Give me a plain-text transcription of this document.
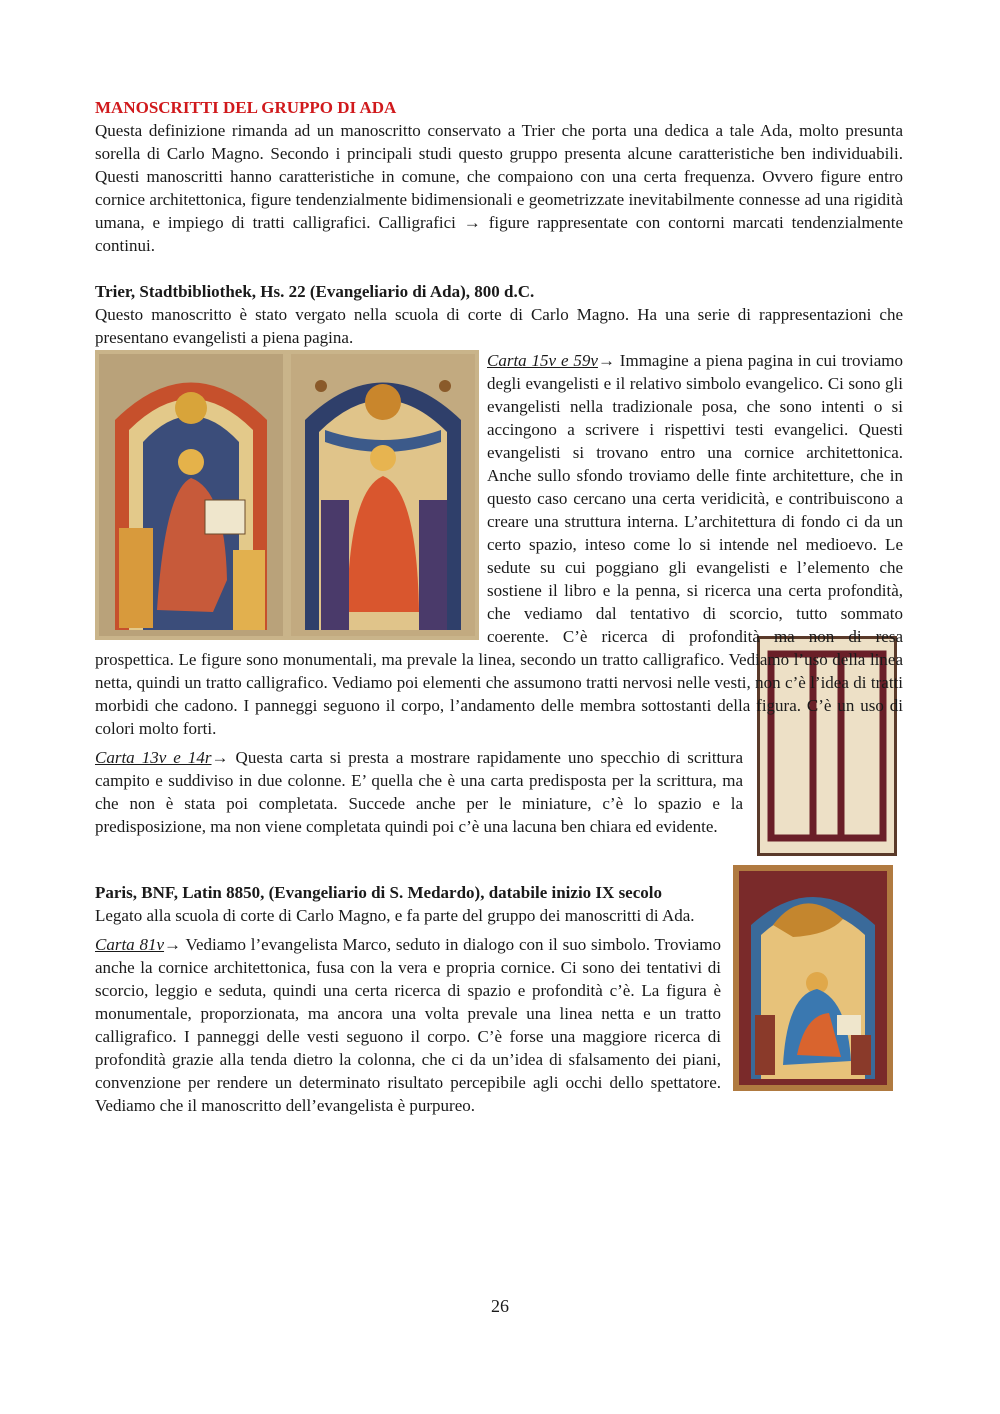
MANOSCRITTI DEL GRUPPO DI ADA

Questa definizione rimanda ad un manoscritto conservato a Trier che porta una dedica a tale Ada, molto presunta sorella di Carlo Magno. Secondo i principali studi questo gruppo presenta alcune caratteristiche ben individuabili. Questi manoscritti hanno caratteristiche in comune, che compaiono con una certa frequenza. Ovvero figure entro cornice architettonica, figure tendenzialmente bidimensionali e geometrizzate inevitabilmente connesse ad una rigidità umana, e impiego di tratti calligrafici. Calligrafici → figure rappresentate con contorni marcati tendenzialmente continui.

Trier, Stadtbibliothek, Hs. 22 (Evangeliario di Ada), 800 d.C.

Questo manoscritto è stato vergato nella scuola di corte di Carlo Magno. Ha una serie di rappresentazioni che presentano evangelisti a piena pagina.

Carta 15v e 59v→ Immagine a piena pagina in cui troviamo degli evangelisti e il relativo simbolo evangelico. Ci sono gli evangelisti nella tradizionale posa, che sono intenti o si accingono a scrivere i rispettivi testi evangelici. Questi evangelisti si trovano entro una cornice architettonica. Anche sullo sfondo troviamo delle finte architetture, che in questo caso cercano una certa veridicità, e contribuiscono a creare una struttura interna. L’architettura di fondo ci da un certo spazio, inteso come lo si intende nel medioevo. Le sedute su cui poggiano gli evangelisti e l’elemento che sostiene il libro e la penna, si ricerca una certa profondità, che vediamo dal tentativo di scorcio, tutto sommato coerente. C’è ricerca di profondità ma non di resa prospettica. Le figure sono monumentali, ma prevale la linea, secondo un tratto calligrafico. Vediamo l’uso della linea netta, quindi un tratto calligrafico. Vediamo poi elementi che assumono tratti nervosi nelle vesti, non c’è l’idea di tratti morbidi che cadono. I panneggi seguono il corpo, l’andamento delle membra sottostanti della figura. C’è un uso di colori molto forti.

Carta 13v e 14r→ Questa carta si presta a mostrare rapidamente uno specchio di scrittura campito e suddiviso in due colonne. E’ quella che è una carta predisposta per la scrittura, ma che non è stata poi completata. Succede anche per le miniature, c’è lo spazio e la predisposizione, ma non viene completata quindi poi c’è una lacuna ben chiara ed evidente.

Paris, BNF, Latin 8850, (Evangeliario di S. Medardo), databile inizio IX secolo

Legato alla scuola di corte di Carlo Magno, e fa parte del gruppo dei manoscritti di Ada.

Carta 81v→ Vediamo l’evangelista Marco, seduto in dialogo con il suo simbolo. Troviamo anche la cornice architettonica, fusa con la vera e propria cornice. Ci sono dei tentativi di scorcio, leggio e seduta, quindi una certa ricerca di spazio e profondità c’è. La figura è monumentale, proporzionata, ma ancora una volta prevale una linea netta e un tratto calligrafico. I panneggi delle vesti seguono il corpo. C’è forse una maggiore ricerca di profondità grazie alla tenda dietro la colonna, che ci da un’idea di sfalsamento dei piani, convenzione per rendere un determinato risultato percepibile agli occhi dello spettatore. Vediamo che il manoscritto dell’evangelista è purpureo.

26
